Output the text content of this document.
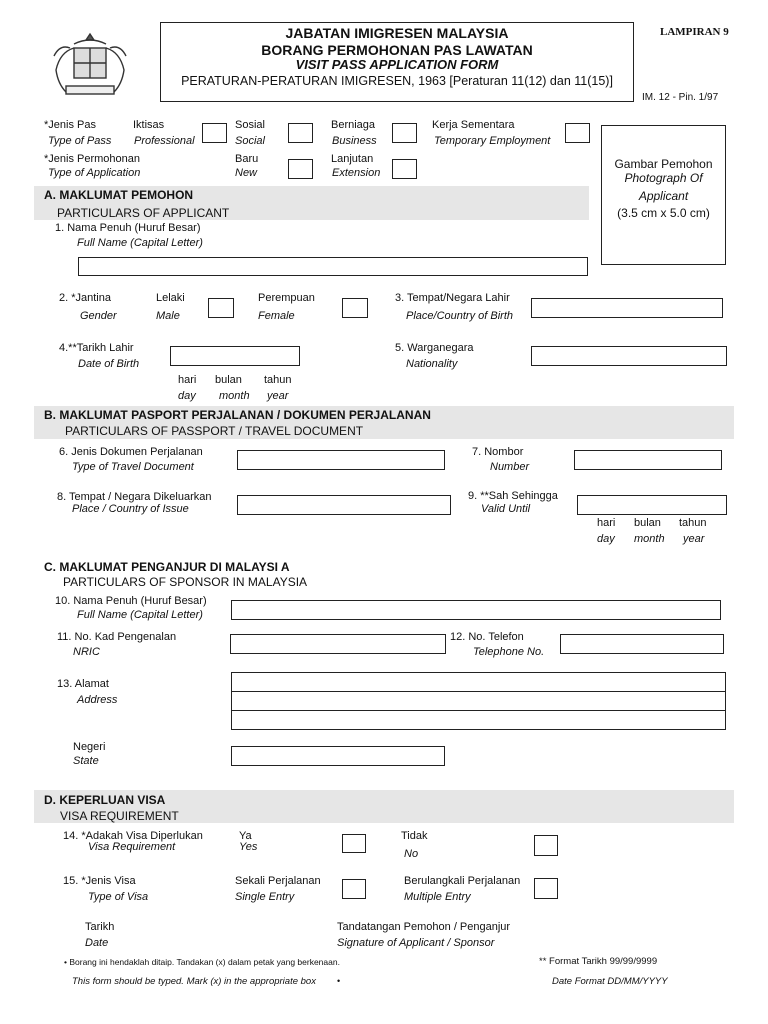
JABATAN IMIGRESEN MALAYSIA
BORANG PERMOHONAN PAS LAWATAN
VISIT PASS APPLICATION FORM
PERATURAN-PERATURAN IMIGRESEN, 1963 [Peraturan 11(12) dan 11(15)]
LAMPIRAN 9
IM. 12 - Pin. 1/97
*Jenis Pas
Type of Pass
Iktisas
Professional
Sosial
Social
Berniaga
Business
Kerja Sementara
Temporary Employment
*Jenis Permohonan
Type of Application
Baru
New
Lanjutan
Extension
Gambar Pemohon
Photograph Of
Applicant
(3.5 cm x 5.0 cm)
A. MAKLUMAT PEMOHON
PARTICULARS OF APPLICANT
1. Nama Penuh (Huruf Besar)
Full Name (Capital Letter)
2. *Jantina
Gender
Lelaki
Male
Perempuan
Female
3. Tempat/Negara Lahir
Place/Country of Birth
4.**Tarikh Lahir
Date of Birth
5. Warganegara
Nationality
hari
day
bulan
month
tahun
year
B. MAKLUMAT PASPORT PERJALANAN / DOKUMEN PERJALANAN
PARTICULARS OF PASSPORT / TRAVEL DOCUMENT
6. Jenis Dokumen Perjalanan
Type of Travel Document
7. Nombor
Number
8. Tempat / Negara Dikeluarkan
Place / Country of Issue
9. **Sah Sehingga
Valid Until
hari
day
bulan
month
tahun
year
C. MAKLUMAT PENGANJUR DI MALAYSI A
PARTICULARS OF SPONSOR IN MALAYSIA
10. Nama Penuh (Huruf Besar)
Full Name (Capital Letter)
11. No. Kad Pengenalan
NRIC
12. No. Telefon
Telephone No.
13. Alamat
Address
Negeri
State
D. KEPERLUAN VISA
VISA REQUIREMENT
14. *Adakah Visa Diperlukan
Visa Requirement
Ya
Yes
Tidak
No
15. *Jenis Visa
Type of Visa
Sekali Perjalanan
Single Entry
Berulangkali Perjalanan
Multiple Entry
Tarikh
Date
Tandatangan Pemohon / Penganjur
Signature of Applicant / Sponsor
• Borang ini hendaklah ditaip. Tandakan (x) dalam petak yang berkenaan.
This form should be typed. Mark (x) in the appropriate box •
** Format Tarikh 99/99/9999
Date Format DD/MM/YYYY
